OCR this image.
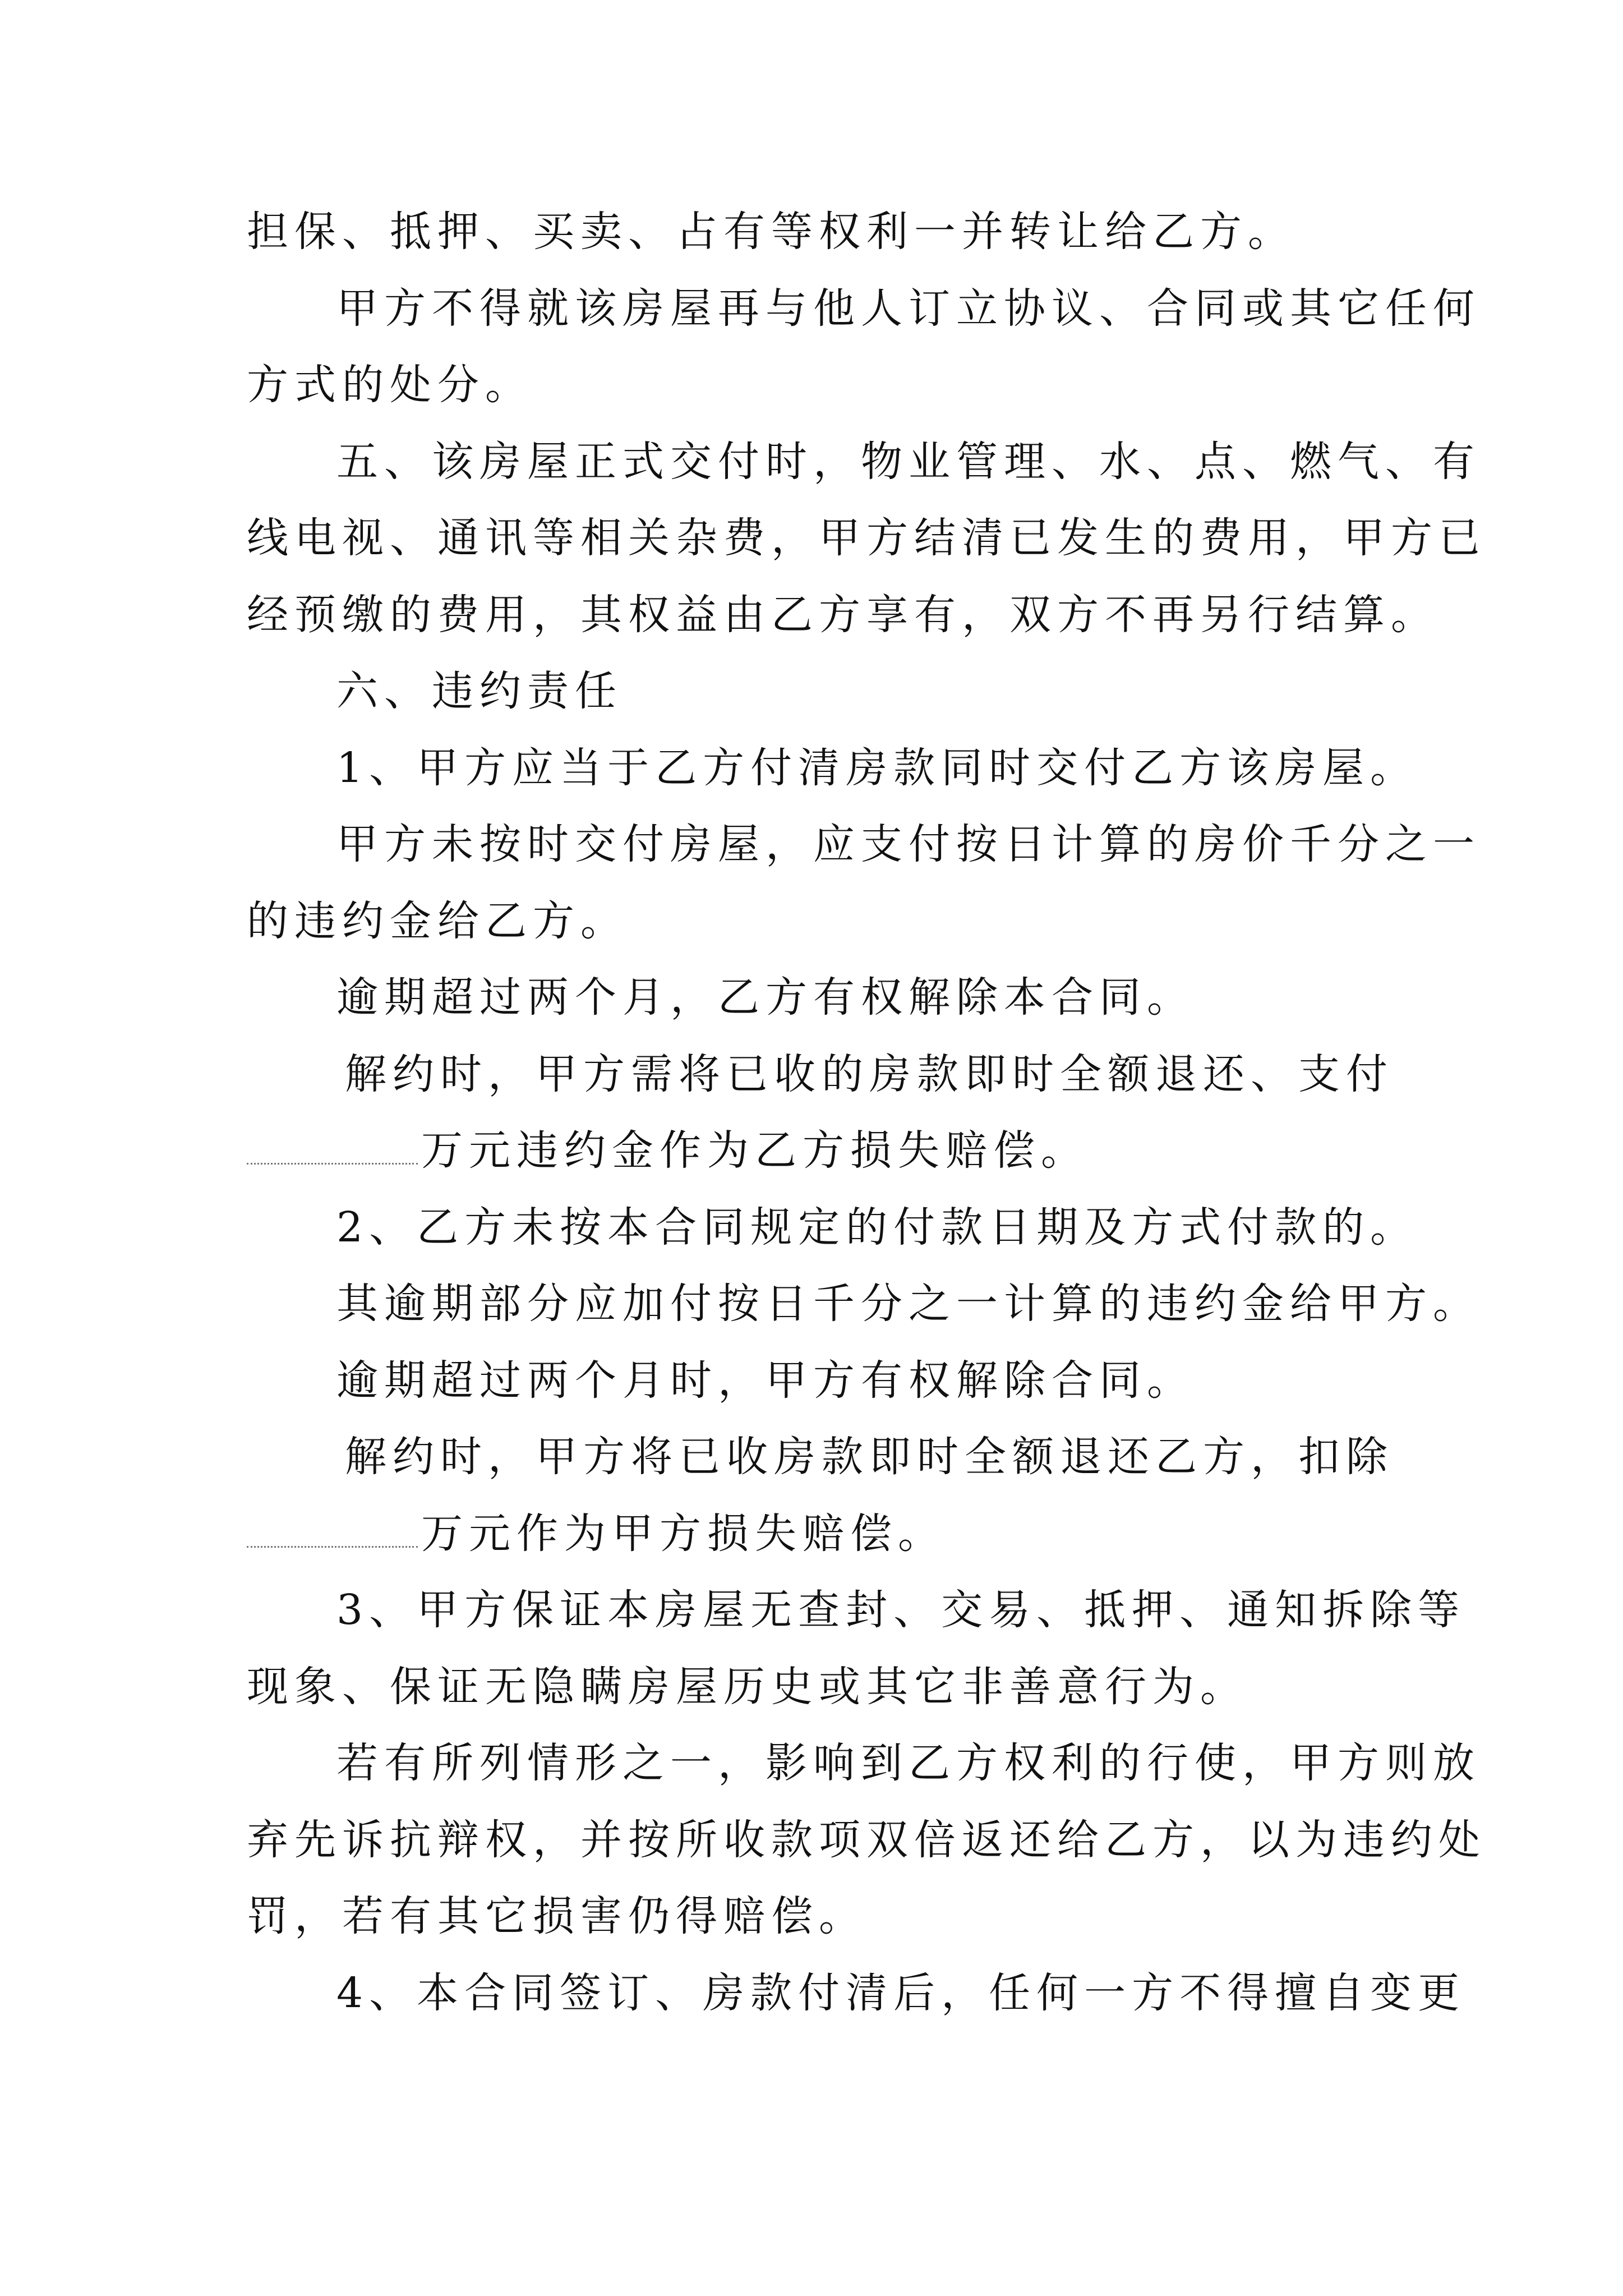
担保、抵押、买卖、占有等权利一并转让给乙方。
甲方不得就该房屋再与他人订立协议、合同或其它任何
方式的处分。
五、该房屋正式交付时，物业管理、水、点、燃气、有
线电视、通讯等相关杂费，甲方结清已发生的费用，甲方已
经预缴的费用，其权益由乙方享有，双方不再另行结算。
六、违约责任
1、甲方应当于乙方付清房款同时交付乙方该房屋。
甲方未按时交付房屋，应支付按日计算的房价千分之一
的违约金给乙方。
逾期超过两个月，乙方有权解除本合同。
解约时，甲方需将已收的房款即时全额退还、支付
万元违约金作为乙方损失赔偿。
2、乙方未按本合同规定的付款日期及方式付款的。
其逾期部分应加付按日千分之一计算的违约金给甲方。
逾期超过两个月时，甲方有权解除合同。
解约时，甲方将已收房款即时全额退还乙方，扣除
万元作为甲方损失赔偿。
3、甲方保证本房屋无查封、交易、抵押、通知拆除等
现象、保证无隐瞒房屋历史或其它非善意行为。
若有所列情形之一，影响到乙方权利的行使，甲方则放
弃先诉抗辩权，并按所收款项双倍返还给乙方，以为违约处
罚，若有其它损害仍得赔偿。
4、本合同签订、房款付清后，任何一方不得擅自变更
